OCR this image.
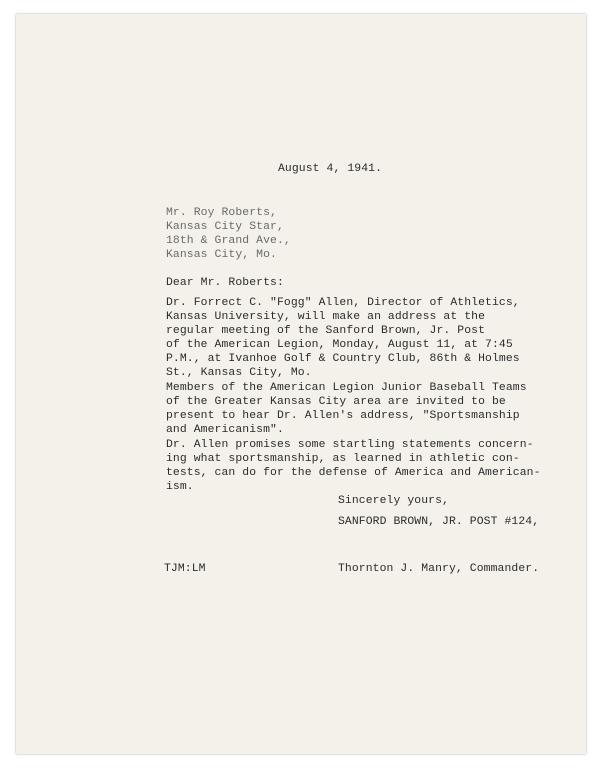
August 4, 1941.
Mr. Roy Roberts,
Kansas City Star,
18th & Grand Ave.,
Kansas City, Mo.
Dear Mr. Roberts:
Dr. Forrect C. "Fogg" Allen, Director of Athletics,
Kansas University, will make an address at the
regular meeting of the Sanford Brown, Jr. Post
of the American Legion, Monday, August 11, at 7:45
P.M., at Ivanhoe Golf & Country Club, 86th & Holmes
St., Kansas City, Mo.
Members of the American Legion Junior Baseball Teams
of the Greater Kansas City area are invited to be
present to hear Dr. Allen's address, "Sportsmanship
and Americanism".
Dr. Allen promises some startling statements concern-
ing what sportsmanship, as learned in athletic con-
tests, can do for the defense of America and American-
ism.
Sincerely yours,
SANFORD BROWN, JR. POST #124,
TJM:LM	Thornton J. Manry, Commander.
